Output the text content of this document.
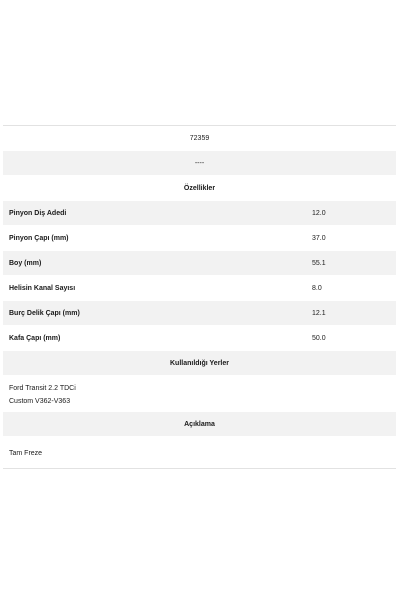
72359
----
Özellikler
Pinyon Diş Adedi	12.0
Pinyon Çapı (mm)	37.0
Boy (mm)	55.1
Helisin Kanal Sayısı	8.0
Burç Delik Çapı (mm)	12.1
Kafa Çapı (mm)	50.0
Kullanıldığı Yerler
Ford Transit 2.2 TDCi
Custom V362-V363
Açıklama
Tam Freze
